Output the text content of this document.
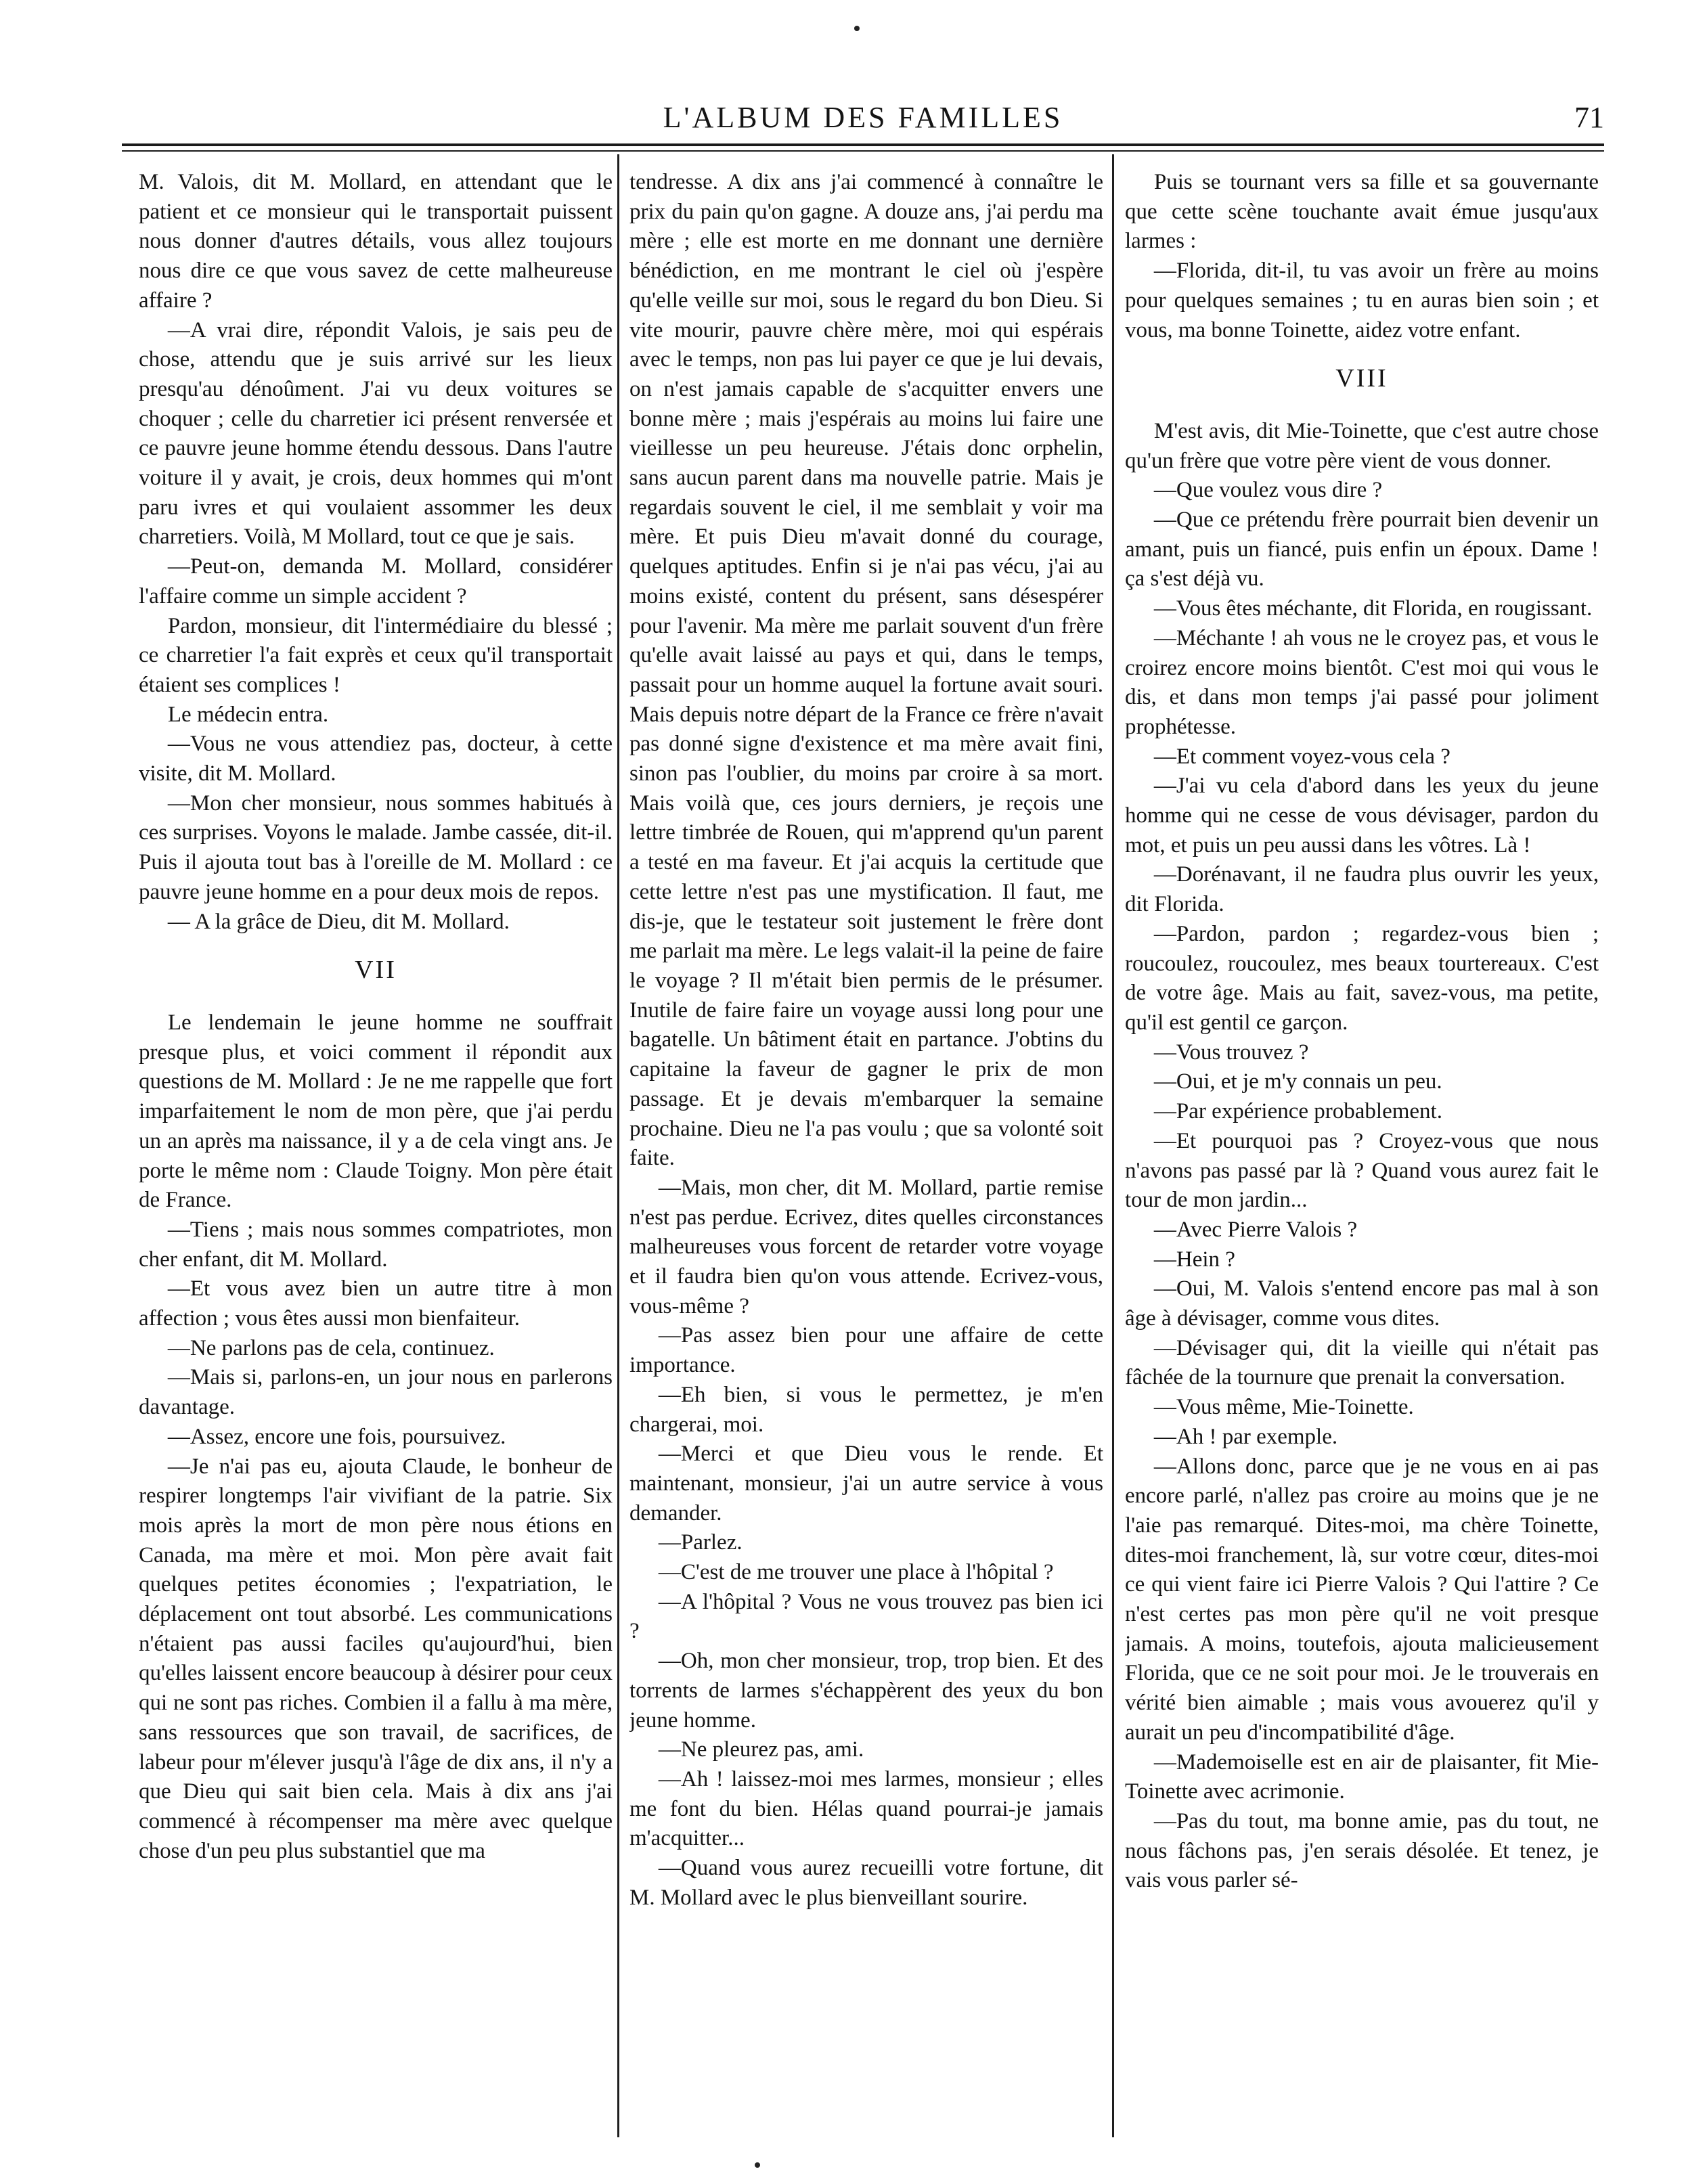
L'ALBUM DES FAMILLES	71

M. Valois, dit M. Mollard, en attendant que le patient et ce monsieur qui le transportait puissent nous donner d'autres détails, vous allez toujours nous dire ce que vous savez de cette malheureuse affaire ?

—A vrai dire, répondit Valois, je sais peu de chose, attendu que je suis arrivé sur les lieux presqu'au dénoûment. J'ai vu deux voitures se choquer ; celle du charretier ici présent renversée et ce pauvre jeune homme étendu dessous. Dans l'autre voiture il y avait, je crois, deux hommes qui m'ont paru ivres et qui voulaient assommer les deux charretiers. Voilà, M Mollard, tout ce que je sais.

—Peut-on, demanda M. Mollard, considérer l'affaire comme un simple accident ?

Pardon, monsieur, dit l'intermédiaire du blessé ; ce charretier l'a fait exprès et ceux qu'il transportait étaient ses complices !

Le médecin entra.

—Vous ne vous attendiez pas, docteur, à cette visite, dit M. Mollard.

—Mon cher monsieur, nous sommes habitués à ces surprises. Voyons le malade. Jambe cassée, dit-il. Puis il ajouta tout bas à l'oreille de M. Mollard : ce pauvre jeune homme en a pour deux mois de repos.

— A la grâce de Dieu, dit M. Mollard.

VII

Le lendemain le jeune homme ne souffrait presque plus, et voici comment il répondit aux questions de M. Mollard : Je ne me rappelle que fort imparfaitement le nom de mon père, que j'ai perdu un an après ma naissance, il y a de cela vingt ans. Je porte le même nom : Claude Toigny. Mon père était de France.

—Tiens ; mais nous sommes compatriotes, mon cher enfant, dit M. Mollard.

—Et vous avez bien un autre titre à mon affection ; vous êtes aussi mon bienfaiteur.

—Ne parlons pas de cela, continuez.

—Mais si, parlons-en, un jour nous en parlerons davantage.

—Assez, encore une fois, poursuivez.

—Je n'ai pas eu, ajouta Claude, le bonheur de respirer longtemps l'air vivifiant de la patrie. Six mois après la mort de mon père nous étions en Canada, ma mère et moi. Mon père avait fait quelques petites économies ; l'expatriation, le déplacement ont tout absorbé. Les communications n'étaient pas aussi faciles qu'aujourd'hui, bien qu'elles laissent encore beaucoup à désirer pour ceux qui ne sont pas riches. Combien il a fallu à ma mère, sans ressources que son travail, de sacrifices, de labeur pour m'élever jusqu'à l'âge de dix ans, il n'y a que Dieu qui sait bien cela. Mais à dix ans j'ai commencé à récompenser ma mère avec quelque chose d'un peu plus substantiel que ma

tendresse. A dix ans j'ai commencé à connaître le prix du pain qu'on gagne. A douze ans, j'ai perdu ma mère ; elle est morte en me donnant une dernière bénédiction, en me montrant le ciel où j'espère qu'elle veille sur moi, sous le regard du bon Dieu. Si vite mourir, pauvre chère mère, moi qui espérais avec le temps, non pas lui payer ce que je lui devais, on n'est jamais capable de s'acquitter envers une bonne mère ; mais j'espérais au moins lui faire une vieillesse un peu heureuse. J'étais donc orphelin, sans aucun parent dans ma nouvelle patrie. Mais je regardais souvent le ciel, il me semblait y voir ma mère. Et puis Dieu m'avait donné du courage, quelques aptitudes. Enfin si je n'ai pas vécu, j'ai au moins existé, content du présent, sans désespérer pour l'avenir. Ma mère me parlait souvent d'un frère qu'elle avait laissé au pays et qui, dans le temps, passait pour un homme auquel la fortune avait souri. Mais depuis notre départ de la France ce frère n'avait pas donné signe d'existence et ma mère avait fini, sinon pas l'oublier, du moins par croire à sa mort. Mais voilà que, ces jours derniers, je reçois une lettre timbrée de Rouen, qui m'apprend qu'un parent a testé en ma faveur. Et j'ai acquis la certitude que cette lettre n'est pas une mystification. Il faut, me dis-je, que le testateur soit justement le frère dont me parlait ma mère. Le legs valait-il la peine de faire le voyage ? Il m'était bien permis de le présumer. Inutile de faire faire un voyage aussi long pour une bagatelle. Un bâtiment était en partance. J'obtins du capitaine la faveur de gagner le prix de mon passage. Et je devais m'embarquer la semaine prochaine. Dieu ne l'a pas voulu ; que sa volonté soit faite.

—Mais, mon cher, dit M. Mollard, partie remise n'est pas perdue. Ecrivez, dites quelles circonstances malheureuses vous forcent de retarder votre voyage et il faudra bien qu'on vous attende. Ecrivez-vous, vous-même ?

—Pas assez bien pour une affaire de cette importance.

—Eh bien, si vous le permettez, je m'en chargerai, moi.

—Merci et que Dieu vous le rende. Et maintenant, monsieur, j'ai un autre service à vous demander.

—Parlez.

—C'est de me trouver une place à l'hôpital ?

—A l'hôpital ? Vous ne vous trouvez pas bien ici ?

—Oh, mon cher monsieur, trop, trop bien. Et des torrents de larmes s'échappèrent des yeux du bon jeune homme.

—Ne pleurez pas, ami.

—Ah ! laissez-moi mes larmes, monsieur ; elles me font du bien. Hélas quand pourrai-je jamais m'acquitter...

—Quand vous aurez recueilli votre fortune, dit M. Mollard avec le plus bienveillant sourire.

Puis se tournant vers sa fille et sa gouvernante que cette scène touchante avait émue jusqu'aux larmes :

—Florida, dit-il, tu vas avoir un frère au moins pour quelques semaines ; tu en auras bien soin ; et vous, ma bonne Toinette, aidez votre enfant.

VIII

M'est avis, dit Mie-Toinette, que c'est autre chose qu'un frère que votre père vient de vous donner.

—Que voulez vous dire ?

—Que ce prétendu frère pourrait bien devenir un amant, puis un fiancé, puis enfin un époux. Dame ! ça s'est déjà vu.

—Vous êtes méchante, dit Florida, en rougissant.

—Méchante ! ah vous ne le croyez pas, et vous le croirez encore moins bientôt. C'est moi qui vous le dis, et dans mon temps j'ai passé pour joliment prophétesse.

—Et comment voyez-vous cela ?

—J'ai vu cela d'abord dans les yeux du jeune homme qui ne cesse de vous dévisager, pardon du mot, et puis un peu aussi dans les vôtres. Là !

—Dorénavant, il ne faudra plus ouvrir les yeux, dit Florida.

—Pardon, pardon ; regardez-vous bien ; roucoulez, roucoulez, mes beaux tourtereaux. C'est de votre âge. Mais au fait, savez-vous, ma petite, qu'il est gentil ce garçon.

—Vous trouvez ?

—Oui, et je m'y connais un peu.

—Par expérience probablement.

—Et pourquoi pas ? Croyez-vous que nous n'avons pas passé par là ? Quand vous aurez fait le tour de mon jardin...

—Avec Pierre Valois ?

—Hein ?

—Oui, M. Valois s'entend encore pas mal à son âge à dévisager, comme vous dites.

—Dévisager qui, dit la vieille qui n'était pas fâchée de la tournure que prenait la conversation.

—Vous même, Mie-Toinette.

—Ah ! par exemple.

—Allons donc, parce que je ne vous en ai pas encore parlé, n'allez pas croire au moins que je ne l'aie pas remarqué. Dites-moi, ma chère Toinette, dites-moi franchement, là, sur votre cœur, dites-moi ce qui vient faire ici Pierre Valois ? Qui l'attire ? Ce n'est certes pas mon père qu'il ne voit presque jamais. A moins, toutefois, ajouta malicieusement Florida, que ce ne soit pour moi. Je le trouverais en vérité bien aimable ; mais vous avouerez qu'il y aurait un peu d'incompatibilité d'âge.

—Mademoiselle est en air de plaisanter, fit Mie-Toinette avec acrimonie.

—Pas du tout, ma bonne amie, pas du tout, ne nous fâchons pas, j'en serais désolée. Et tenez, je vais vous parler sé-
